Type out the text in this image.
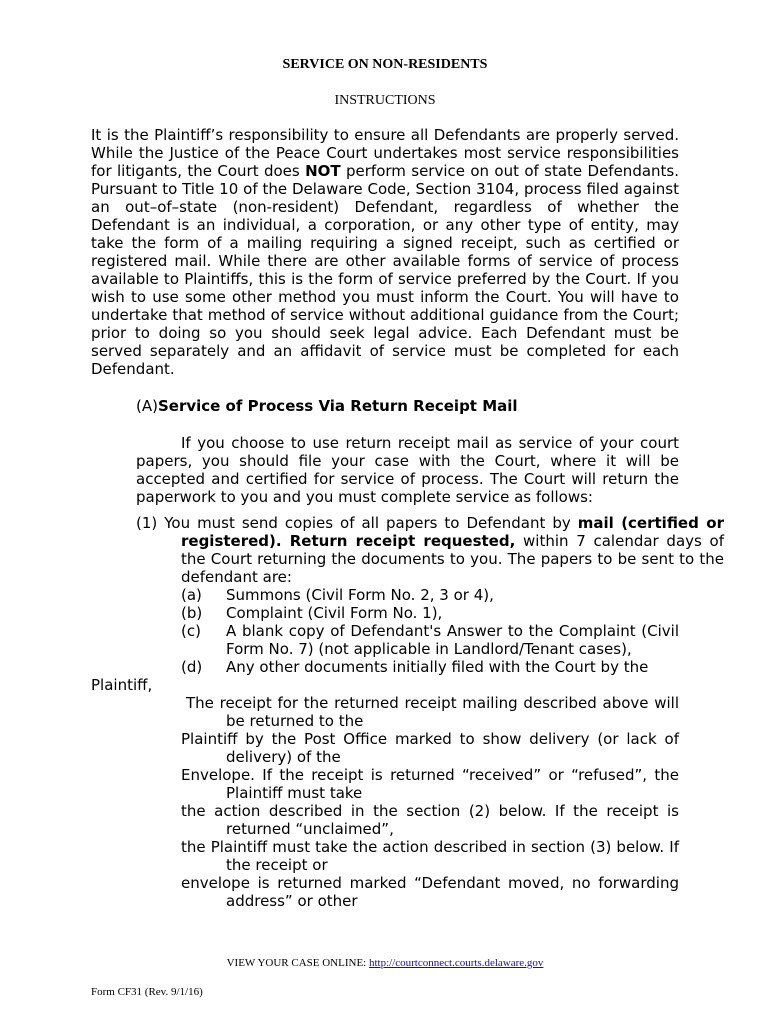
SERVICE ON NON-RESIDENTS
INSTRUCTIONS
It is the Plaintiff’s responsibility to ensure all Defendants are properly served. While the Justice of the Peace Court undertakes most service responsibilities for litigants, the Court does NOT perform service on out of state Defendants. Pursuant to Title 10 of the Delaware Code, Section 3104, process filed against an out–of–state (non-resident) Defendant, regardless of whether the Defendant is an individual, a corporation, or any other type of entity, may take the form of a mailing requiring a signed receipt, such as certified or registered mail. While there are other available forms of service of process available to Plaintiffs, this is the form of service preferred by the Court. If you wish to use some other method you must inform the Court. You will have to undertake that method of service without additional guidance from the Court; prior to doing so you should seek legal advice. Each Defendant must be served separately and an affidavit of service must be completed for each Defendant.
(A)Service of Process Via Return Receipt Mail
If you choose to use return receipt mail as service of your court papers, you should file your case with the Court, where it will be accepted and certified for service of process. The Court will return the paperwork to you and you must complete service as follows:
(1) You must send copies of all papers to Defendant by mail (certified or registered). Return receipt requested, within 7 calendar days of the Court returning the documents to you. The papers to be sent to the defendant are:
(a) Summons (Civil Form No. 2, 3 or 4),
(b) Complaint (Civil Form No. 1),
(c) A blank copy of Defendant's Answer to the Complaint (Civil Form No. 7) (not applicable in Landlord/Tenant cases),
(d) Any other documents initially filed with the Court by the
Plaintiff,

The receipt for the returned receipt mailing described above will be returned to the

Plaintiff by the Post Office marked to show delivery (or lack of delivery) of the

Envelope. If the receipt is returned “received” or “refused”, the Plaintiff must take

the action described in the section (2) below. If the receipt is returned “unclaimed”,

the Plaintiff must take the action described in section (3) below. If the receipt or

envelope is returned marked “Defendant moved, no forwarding address” or other

VIEW YOUR CASE ONLINE: http://courtconnect.courts.delaware.gov
Form CF31 (Rev. 9/1/16)
